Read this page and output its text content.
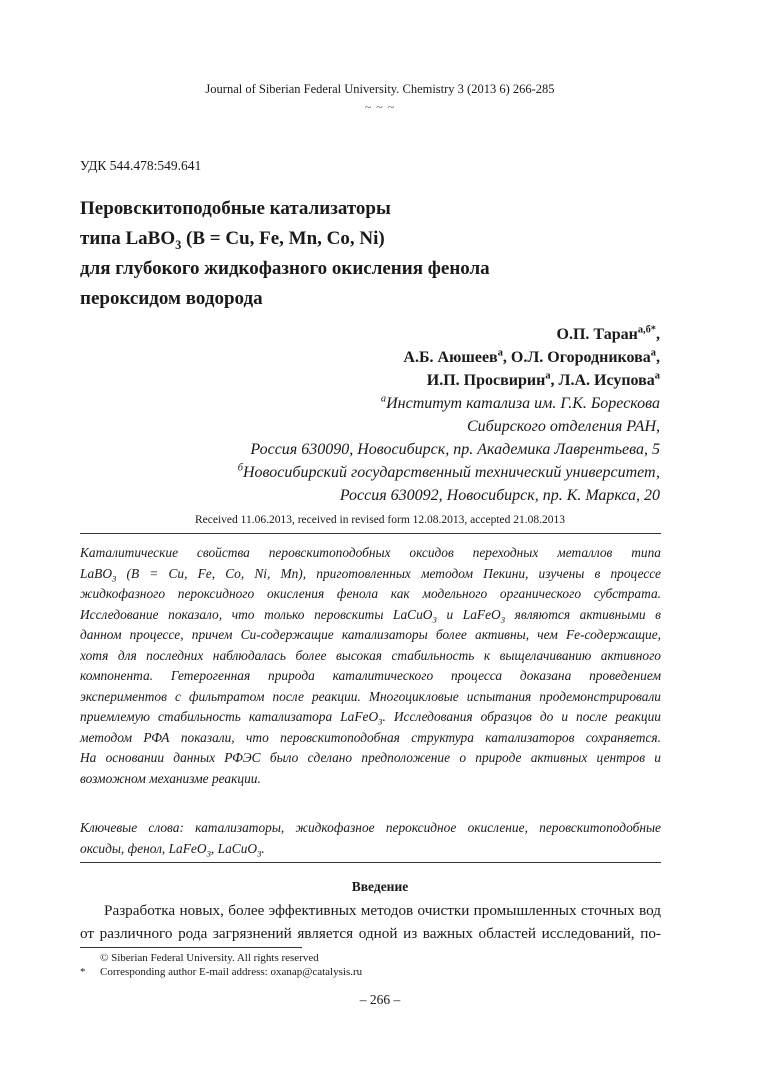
Journal of Siberian Federal University. Chemistry 3 (2013 6) 266-285
~ ~ ~
УДК 544.478:549.641
Перовскитоподобные катализаторы
типа LaBO$_3$ (B = Cu, Fe, Mn, Co, Ni)
для глубокого жидкофазного окисления фенола
пероксидом водорода
О.П. Таран$^{а,б*}$,
А.Б. Аюшеев$^а$, О.Л. Огородникова$^а$,
И.П. Просвирин$^а$, Л.А. Исупова$^а$
$^а$Институт катализа им. Г.К. Борескова
Сибирского отделения РАН,
Россия 630090, Новосибирск, пр. Академика Лаврентьева, 5
$^б$Новосибирский государственный технический университет,
Россия 630092, Новосибирск, пр. К. Маркса, 20
Received 11.06.2013, received in revised form 12.08.2013, accepted 21.08.2013
Каталитические свойства перовскитоподобных оксидов переходных металлов типа
LaBO$_3$ (B = Cu, Fe, Co, Ni, Mn), приготовленных методом Пекини, изучены в процессе
жидкофазного пероксидного окисления фенола как модельного органического субстрата.
Исследование показало, что только перовскиты LaCuO$_3$ и LaFeO$_3$ являются активными в
данном процессе, причем Cu-содержащие катализаторы более активны, чем Fe-содержащие,
хотя для последних наблюдалась более высокая стабильность к выщелачиванию активного
компонента. Гетерогенная природа каталитического процесса доказана проведением
экспериментов с фильтратом после реакции. Многоцикловые испытания продемонстрировали
приемлемую стабильность катализатора LaFeO$_3$. Исследования образцов до и после реакции
методом РФА показали, что перовскитоподобная структура катализаторов сохраняется.
На основании данных РФЭС было сделано предположение о природе активных центров и
возможном механизме реакции.
Ключевые слова: катализаторы, жидкофазное пероксидное окисление, перовскитоподобные
оксиды, фенол, LaFeO$_3$, LaCuO$_3$.
Введение
Разработка новых, более эффективных методов очистки промышленных сточных вод
от различного рода загрязнений является одной из важных областей исследований, по-
© Siberian Federal University. All rights reserved
* Corresponding author E-mail address: oxanap@catalysis.ru
– 266 –
